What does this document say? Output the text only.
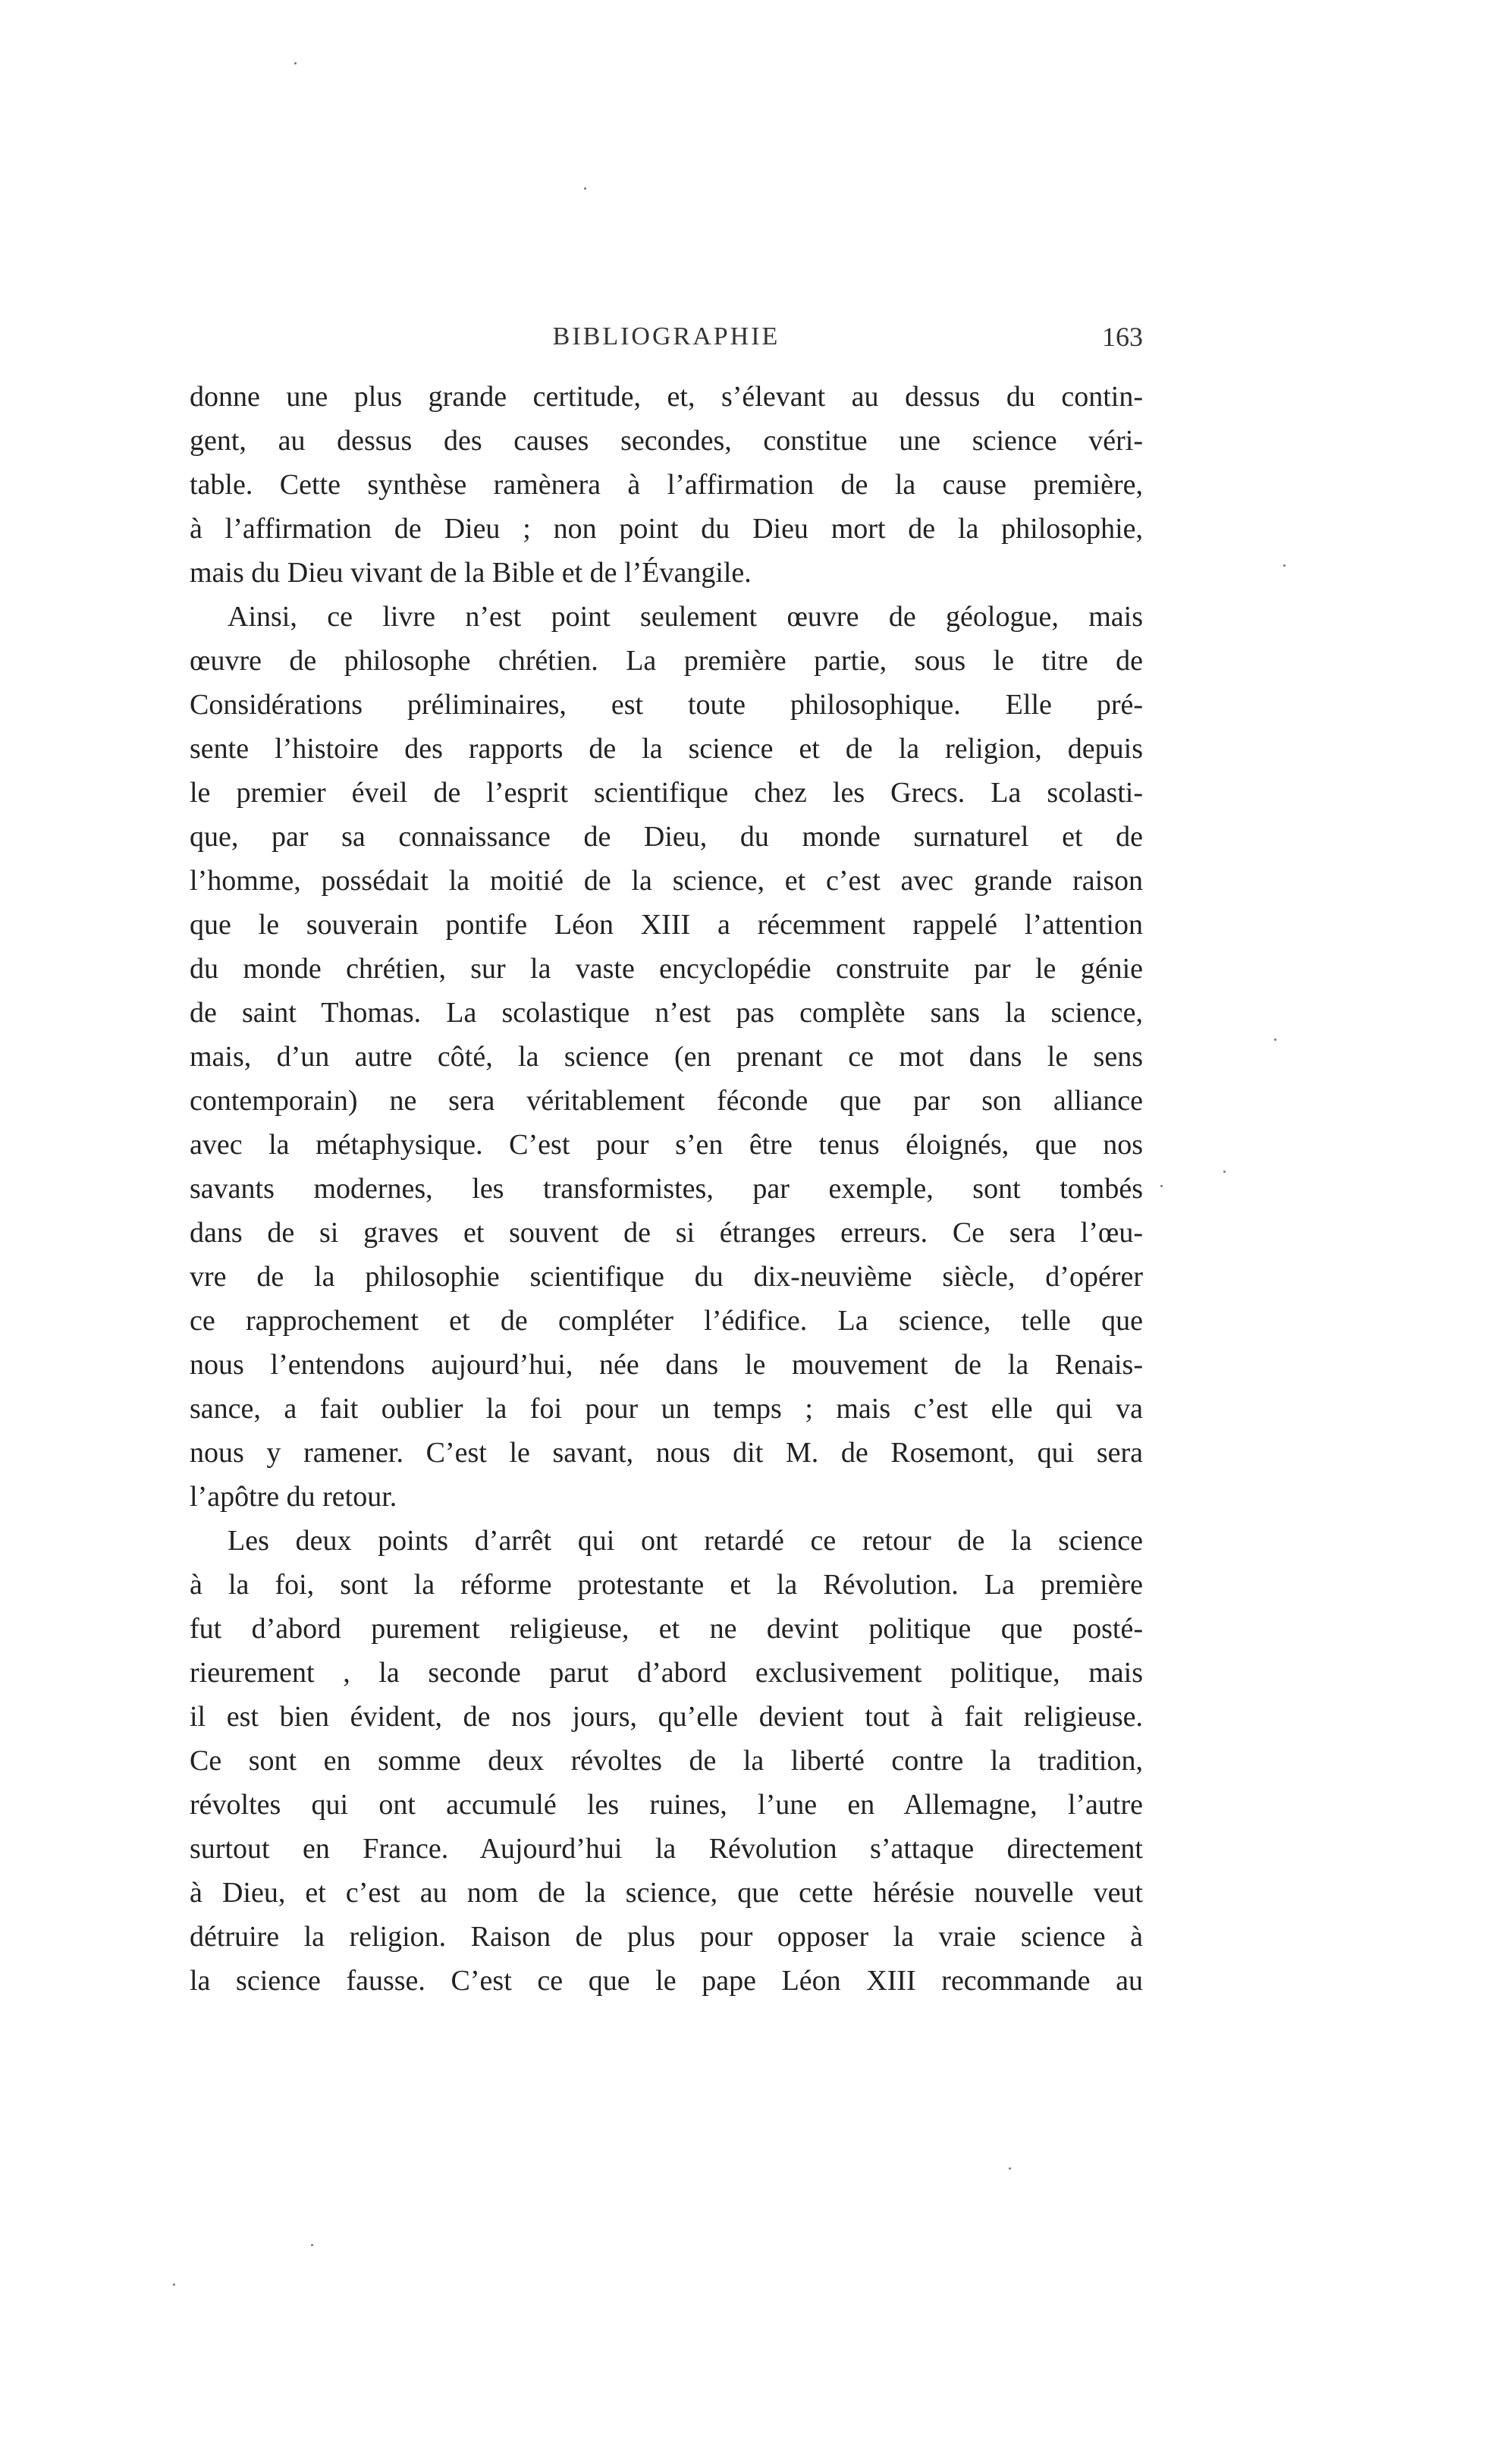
BIBLIOGRAPHIE	163
donne une plus grande certitude, et, s’élevant au dessus du contin-
gent, au dessus des causes secondes, constitue une science véri-
table. Cette synthèse ramènera à l’affirmation de la cause première,
à l’affirmation de Dieu ; non point du Dieu mort de la philosophie,
mais du Dieu vivant de la Bible et de l’Évangile.
Ainsi, ce livre n’est point seulement œuvre de géologue, mais
œuvre de philosophe chrétien. La première partie, sous le titre de
Considérations préliminaires, est toute philosophique. Elle pré-
sente l’histoire des rapports de la science et de la religion, depuis
le premier éveil de l’esprit scientifique chez les Grecs. La scolasti-
que, par sa connaissance de Dieu, du monde surnaturel et de
l’homme, possédait la moitié de la science, et c’est avec grande raison
que le souverain pontife Léon XIII a récemment rappelé l’attention
du monde chrétien, sur la vaste encyclopédie construite par le génie
de saint Thomas. La scolastique n’est pas complète sans la science,
mais, d’un autre côté, la science (en prenant ce mot dans le sens
contemporain) ne sera véritablement féconde que par son alliance
avec la métaphysique. C’est pour s’en être tenus éloignés, que nos
savants modernes, les transformistes, par exemple, sont tombés
dans de si graves et souvent de si étranges erreurs. Ce sera l’œu-
vre de la philosophie scientifique du dix-neuvième siècle, d’opérer
ce rapprochement et de compléter l’édifice. La science, telle que
nous l’entendons aujourd’hui, née dans le mouvement de la Renais-
sance, a fait oublier la foi pour un temps ; mais c’est elle qui va
nous y ramener. C’est le savant, nous dit M. de Rosemont, qui sera
l’apôtre du retour.
Les deux points d’arrêt qui ont retardé ce retour de la science
à la foi, sont la réforme protestante et la Révolution. La première
fut d’abord purement religieuse, et ne devint politique que posté-
rieurement , la seconde parut d’abord exclusivement politique, mais
il est bien évident, de nos jours, qu’elle devient tout à fait religieuse.
Ce sont en somme deux révoltes de la liberté contre la tradition,
révoltes qui ont accumulé les ruines, l’une en Allemagne, l’autre
surtout en France. Aujourd’hui la Révolution s’attaque directement
à Dieu, et c’est au nom de la science, que cette hérésie nouvelle veut
détruire la religion. Raison de plus pour opposer la vraie science à
la science fausse. C’est ce que le pape Léon XIII recommande au
